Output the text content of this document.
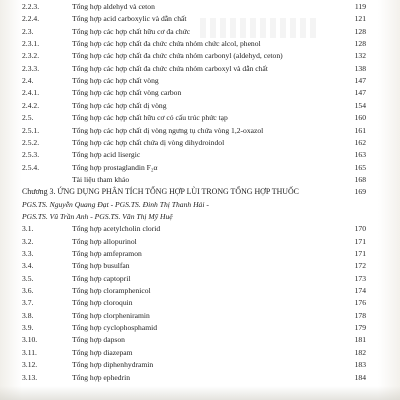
2.2.3.	Tổng hợp aldehyd và ceton	119
2.2.4.	Tổng hợp acid carboxylic và dẫn chất	121
2.3.	Tổng hợp các hợp chất hữu cơ đa chức	128
2.3.1.	Tổng hợp các hợp chất đa chức chứa nhóm chức alcol, phenol	128
2.3.2.	Tổng hợp các hợp chất đa chức chứa nhóm carbonyl (aldehyd, ceton)	132
2.3.3.	Tổng hợp các hợp chất đa chức chứa nhóm carboxyl và dẫn chất	138
2.4.	Tổng hợp các hợp chất vòng	147
2.4.1.	Tổng hợp các hợp chất vòng carbon	147
2.4.2.	Tổng hợp các hợp chất dị vòng	154
2.5.	Tổng hợp các hợp chất hữu cơ có cấu trúc phức tạp	160
2.5.1.	Tổng hợp các hợp chất dị vòng ngưng tụ chứa vòng 1,2-oxazol	161
2.5.2.	Tổng hợp các hợp chất chứa dị vòng dihydroindol	162
2.5.3.	Tổng hợp acid lisergic	163
2.5.4.	Tổng hợp prostaglandin F₂α	165
Tài liệu tham khảo	168
Chương 3. ỨNG DỤNG PHÂN TÍCH TỔNG HỢP LÙI TRONG TỔNG HỢP THUỐC	169
PGS.TS. Nguyễn Quang Đạt - PGS.TS. Đinh Thị Thanh Hải -
PGS.TS. Vũ Trần Anh - PGS.TS. Văn Thị Mỹ Huệ
3.1.	Tổng hợp acetylcholin clorid	170
3.2.	Tổng hợp allopurinol	171
3.3.	Tổng hợp amfepramon	171
3.4.	Tổng hợp busulfan	172
3.5.	Tổng hợp captopril	173
3.6.	Tổng hợp cloramphenicol	174
3.7.	Tổng hợp cloroquin	176
3.8.	Tổng hợp clorpheniramin	178
3.9.	Tổng hợp cyclophosphamid	179
3.10.	Tổng hợp dapson	181
3.11.	Tổng hợp diazepam	182
3.12.	Tổng hợp diphenhydramin	183
3.13.	Tổng hợp ephedrin	184
